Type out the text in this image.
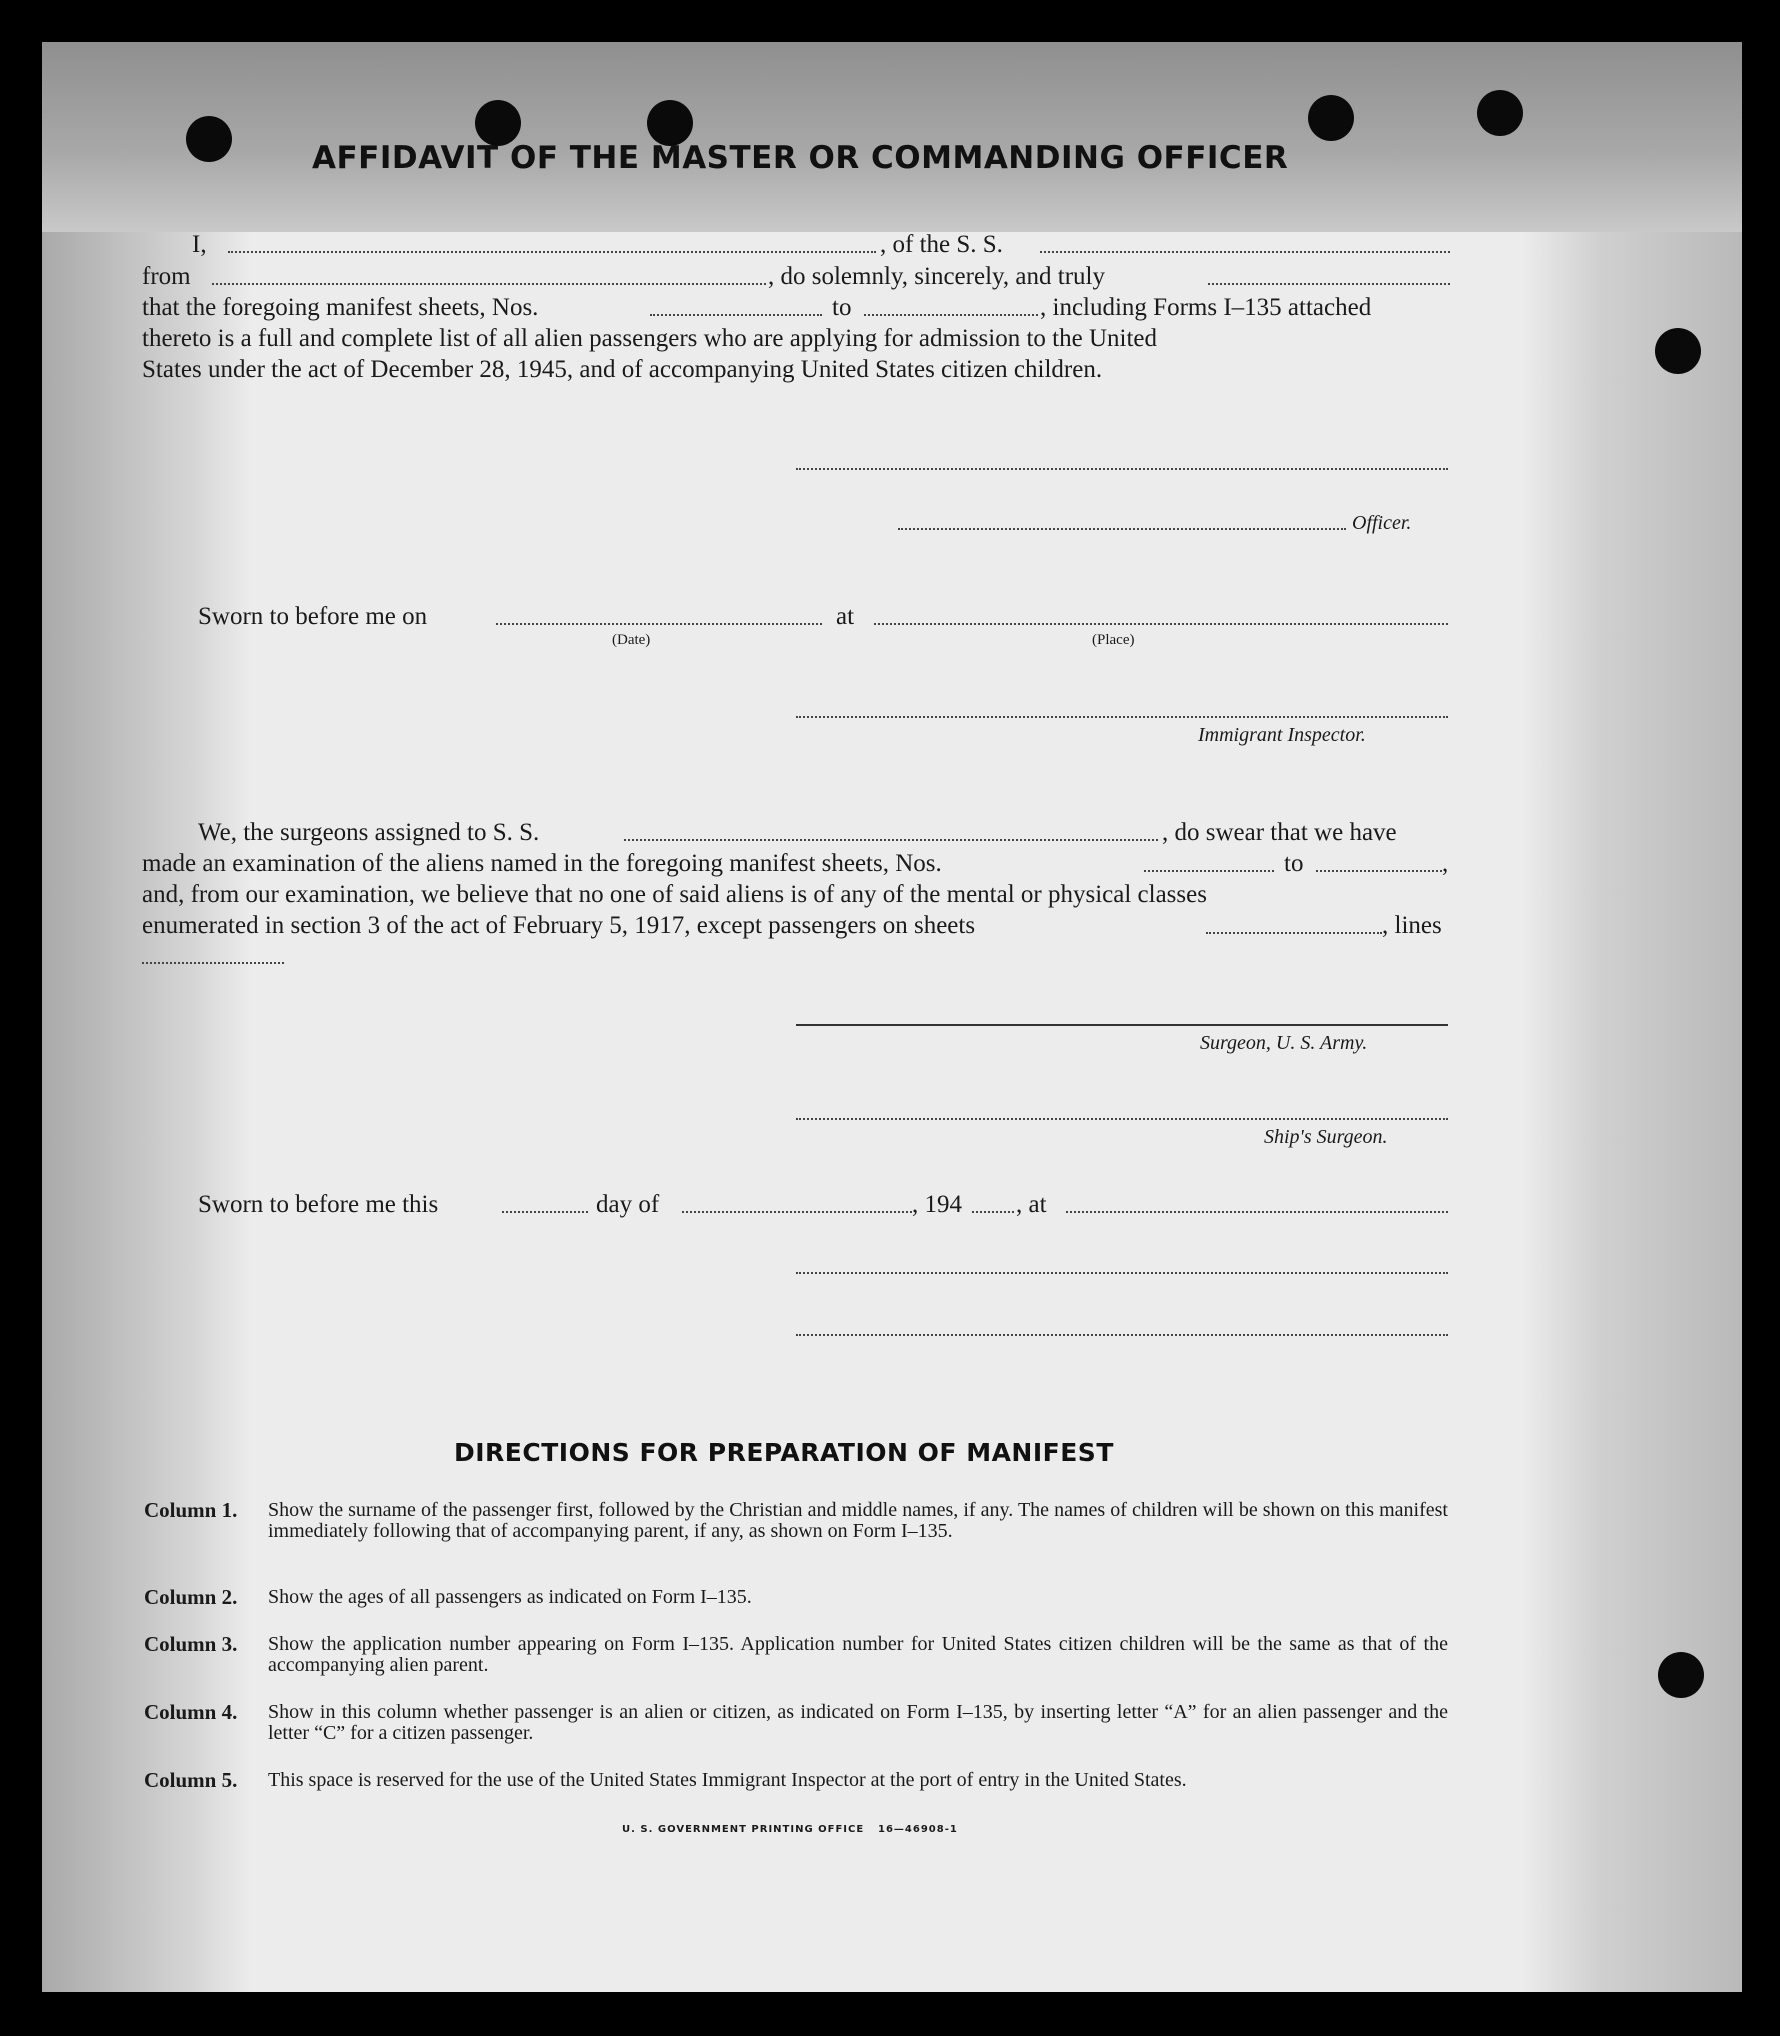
AFFIDAVIT OF THE MASTER OR COMMANDING OFFICER
I,	, of the S. S.
from	, do solemnly, sincerely, and truly
that the foregoing manifest sheets, Nos.	to	, including Forms I–135 attached
thereto is a full and complete list of all alien passengers who are applying for admission to the United
States under the act of December 28, 1945, and of accompanying United States citizen children.
Officer.
Sworn to before me on
(Date)
at
(Place)
Immigrant Inspector.
We, the surgeons assigned to S. S.	, do swear that we have
made an examination of the aliens named in the foregoing manifest sheets, Nos.	to	,
and, from our examination, we believe that no one of said aliens is of any of the mental or physical classes
enumerated in section 3 of the act of February 5, 1917, except passengers on sheets	, lines
Surgeon, U. S. Army.
Ship's Surgeon.
Sworn to before me this	day of	, 194 , at
DIRECTIONS FOR PREPARATION OF MANIFEST
Column 1. Show the surname of the passenger first, followed by the Christian and middle names, if any. The names of children will be shown on this manifest immediately following that of accompanying parent, if any, as shown on Form I–135.
Column 2. Show the ages of all passengers as indicated on Form I–135.
Column 3. Show the application number appearing on Form I–135. Application number for United States citizen children will be the same as that of the accompanying alien parent.
Column 4. Show in this column whether passenger is an alien or citizen, as indicated on Form I–135, by inserting letter “A” for an alien passenger and the letter “C” for a citizen passenger.
Column 5. This space is reserved for the use of the United States Immigrant Inspector at the port of entry in the United States.
U. S. GOVERNMENT PRINTING OFFICE 16—46908-1
